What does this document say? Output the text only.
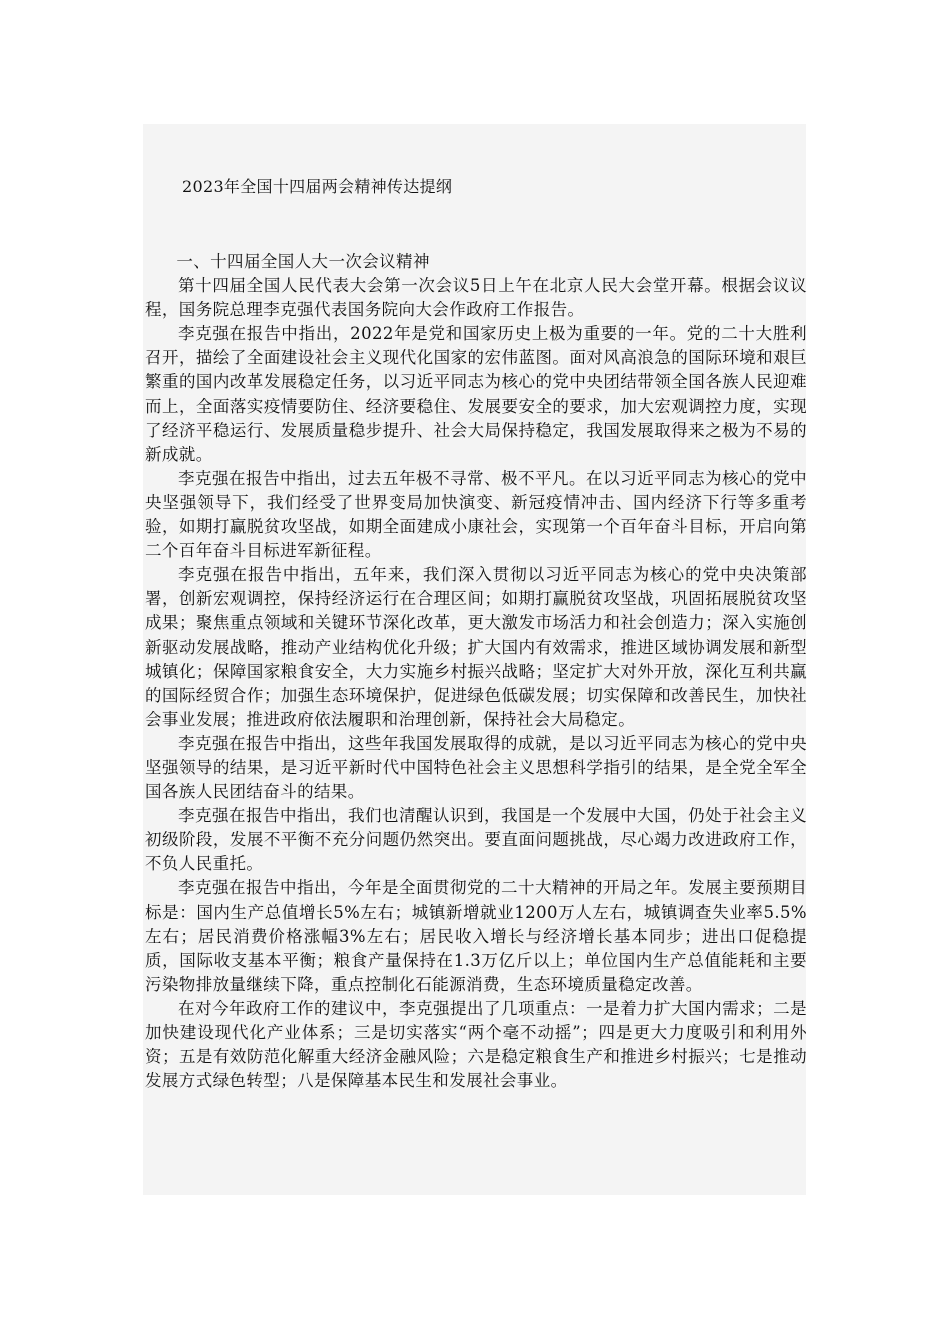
2023年全国十四届两会精神传达提纲

一、十四届全国人大一次会议精神

第十四届全国人民代表大会第一次会议5日上午在北京人民大会堂开幕。根据会议议程，国务院总理李克强代表国务院向大会作政府工作报告。

李克强在报告中指出，2022年是党和国家历史上极为重要的一年。党的二十大胜利召开，描绘了全面建设社会主义现代化国家的宏伟蓝图。面对风高浪急的国际环境和艰巨繁重的国内改革发展稳定任务，以习近平同志为核心的党中央团结带领全国各族人民迎难而上，全面落实疫情要防住、经济要稳住、发展要安全的要求，加大宏观调控力度，实现了经济平稳运行、发展质量稳步提升、社会大局保持稳定，我国发展取得来之极为不易的新成就。

李克强在报告中指出，过去五年极不寻常、极不平凡。在以习近平同志为核心的党中央坚强领导下，我们经受了世界变局加快演变、新冠疫情冲击、国内经济下行等多重考验，如期打赢脱贫攻坚战，如期全面建成小康社会，实现第一个百年奋斗目标，开启向第二个百年奋斗目标进军新征程。

李克强在报告中指出，五年来，我们深入贯彻以习近平同志为核心的党中央决策部署，创新宏观调控，保持经济运行在合理区间；如期打赢脱贫攻坚战，巩固拓展脱贫攻坚成果；聚焦重点领域和关键环节深化改革，更大激发市场活力和社会创造力；深入实施创新驱动发展战略，推动产业结构优化升级；扩大国内有效需求，推进区域协调发展和新型城镇化；保障国家粮食安全，大力实施乡村振兴战略；坚定扩大对外开放，深化互利共赢的国际经贸合作；加强生态环境保护，促进绿色低碳发展；切实保障和改善民生，加快社会事业发展；推进政府依法履职和治理创新，保持社会大局稳定。

李克强在报告中指出，这些年我国发展取得的成就，是以习近平同志为核心的党中央坚强领导的结果，是习近平新时代中国特色社会主义思想科学指引的结果，是全党全军全国各族人民团结奋斗的结果。

李克强在报告中指出，我们也清醒认识到，我国是一个发展中大国，仍处于社会主义初级阶段，发展不平衡不充分问题仍然突出。要直面问题挑战，尽心竭力改进政府工作，不负人民重托。

李克强在报告中指出，今年是全面贯彻党的二十大精神的开局之年。发展主要预期目标是：国内生产总值增长5%左右；城镇新增就业1200万人左右，城镇调查失业率5.5%左右；居民消费价格涨幅3%左右；居民收入增长与经济增长基本同步；进出口促稳提质，国际收支基本平衡；粮食产量保持在1.3万亿斤以上；单位国内生产总值能耗和主要污染物排放量继续下降，重点控制化石能源消费，生态环境质量稳定改善。

在对今年政府工作的建议中，李克强提出了几项重点：一是着力扩大国内需求；二是加快建设现代化产业体系；三是切实落实“两个毫不动摇”；四是更大力度吸引和利用外资；五是有效防范化解重大经济金融风险；六是稳定粮食生产和推进乡村振兴；七是推动发展方式绿色转型；八是保障基本民生和发展社会事业。
